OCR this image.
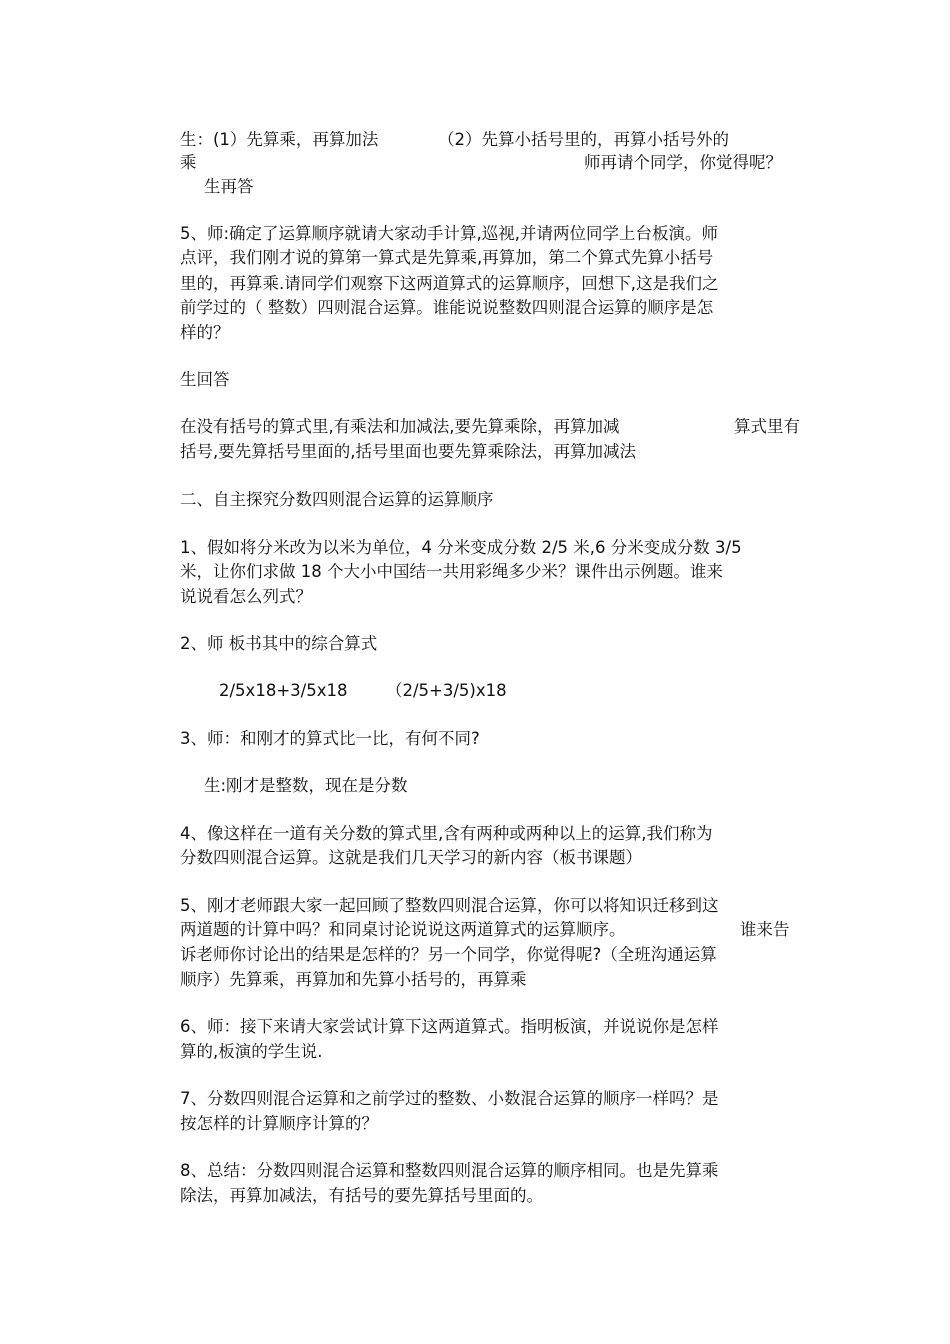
生：(1）先算乘，再算加法	（2）先算小括号里的，再算小括号外的
乘	师再请个同学，你觉得呢？
生再答
5、师:确定了运算顺序就请大家动手计算,巡视,并请两位同学上台板演。师
点评，我们刚才说的算第一算式是先算乘,再算加，第二个算式先算小括号
里的，再算乘.请同学们观察下这两道算式的运算顺序，回想下,这是我们之
前学过的（ 整数）四则混合运算。谁能说说整数四则混合运算的顺序是怎
样的？
生回答
在没有括号的算式里,有乘法和加减法,要先算乘除，再算加减	算式里有
括号,要先算括号里面的,括号里面也要先算乘除法，再算加减法
二、自主探究分数四则混合运算的运算顺序
1、假如将分米改为以米为单位，4 分米变成分数 2/5 米,6 分米变成分数 3/5
米，让你们求做 18 个大小中国结一共用彩绳多少米？课件出示例题。谁来
说说看怎么列式？
2、师 板书其中的综合算式
2/5x18+3/5x18 （2/5+3/5)x18
3、师：和刚才的算式比一比，有何不同?
生:刚才是整数，现在是分数
4、像这样在一道有关分数的算式里,含有两种或两种以上的运算,我们称为
分数四则混合运算。这就是我们几天学习的新内容（板书课题）
5、刚才老师跟大家一起回顾了整数四则混合运算，你可以将知识迁移到这
两道题的计算中吗？和同桌讨论说说这两道算式的运算顺序。	谁来告
诉老师你讨论出的结果是怎样的？另一个同学，你觉得呢?（全班沟通运算
顺序）先算乘，再算加和先算小括号的，再算乘
6、师：接下来请大家尝试计算下这两道算式。指明板演，并说说你是怎样
算的,板演的学生说.
7、分数四则混合运算和之前学过的整数、小数混合运算的顺序一样吗？是
按怎样的计算顺序计算的？
8、总结：分数四则混合运算和整数四则混合运算的顺序相同。也是先算乘
除法，再算加减法，有括号的要先算括号里面的。
